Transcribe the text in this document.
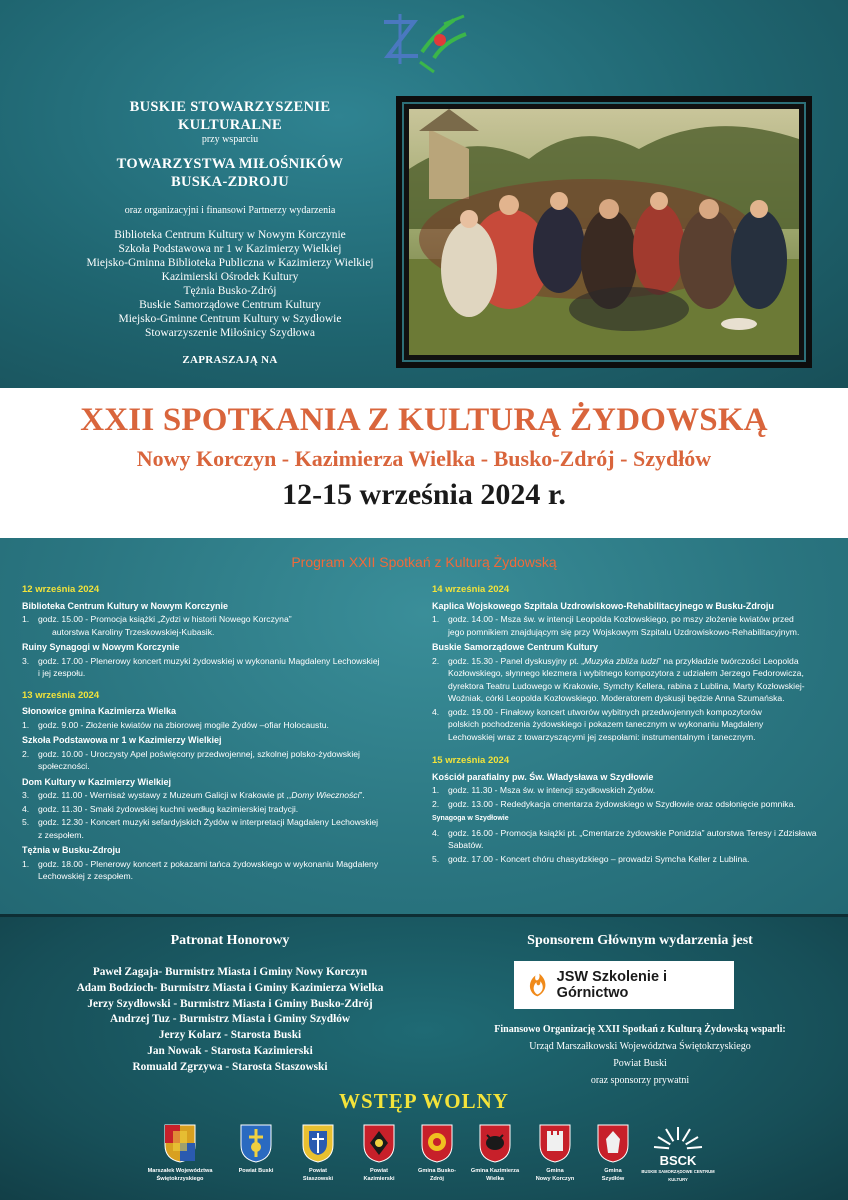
BUSKIE STOWARZYSZENIE
KULTURALNE
przy wsparciu
TOWARZYSTWA MIŁOŚNIKÓW
BUSKA-ZDROJU
oraz organizacyjni i finansowi Partnerzy wydarzenia
Biblioteka Centrum Kultury w Nowym Korczynie
Szkoła Podstawowa nr 1 w Kazimierzy Wielkiej
Miejsko-Gminna Biblioteka Publiczna w Kazimierzy Wielkiej
Kazimierski Ośrodek Kultury
Tężnia Busko-Zdrój
Buskie Samorządowe Centrum Kultury
Miejsko-Gminne Centrum Kultury w Szydłowie
Stowarzyszenie Miłośnicy Szydłowa
ZAPRASZAJĄ NA
XXII SPOTKANIA Z KULTURĄ ŻYDOWSKĄ
Nowy Korczyn - Kazimierza Wielka - Busko-Zdrój - Szydłów
12-15 września 2024 r.
Program XXII Spotkań z Kulturą Żydowską
12 września 2024
Biblioteka Centrum Kultury w Nowym Korczynie
1.	godz. 15.00 - Promocja książki „Żydzi w historii Nowego Korczyna”
autorstwa Karoliny Trzeskowskiej-Kubasik.
Ruiny Synagogi w Nowym Korczynie
3.	godz. 17.00 - Plenerowy koncert muzyki żydowskiej w wykonaniu Magdaleny Lechowskiej
i jej zespołu.
13 września 2024
Słonowice gmina Kazimierza Wielka
1.	godz. 9.00 - Złożenie kwiatów na zbiorowej mogile Żydów –ofiar Holocaustu.
Szkoła Podstawowa nr 1 w Kazimierzy Wielkiej
2.	godz. 10.00 - Uroczysty Apel poświęcony przedwojennej, szkolnej polsko-żydowskiej
społeczności.
Dom Kultury w Kazimierzy Wielkiej
3.	godz. 11.00 - Wernisaż wystawy z Muzeum Galicji w Krakowie pt ,,Domy Wieczności”.
4.	godz. 11.30 - Smaki żydowskiej kuchni według kazimierskiej tradycji.
5.	godz. 12.30 - Koncert muzyki sefardyjskich Żydów w interpretacji Magdaleny Lechowskiej
z zespołem.
Tężnia w Busku-Zdroju
1.	godz. 18.00 - Plenerowy koncert z pokazami tańca żydowskiego w wykonaniu Magdaleny
Lechowskiej z zespołem.
14 września 2024
Kaplica Wojskowego Szpitala Uzdrowiskowo-Rehabilitacyjnego w Busku-Zdroju
1.	godz. 14.00 - Msza św. w intencji Leopolda Kozłowskiego, po mszy złożenie kwiatów przed
jego pomnikiem znajdującym się przy Wojskowym Szpitalu Uzdrowiskowo-Rehabilitacyjnym.
Buskie Samorządowe Centrum Kultury
2.	godz. 15.30 - Panel dyskusyjny pt. „Muzyka zbliża ludzi” na przykładzie twórczości Leopolda
Kozłowskiego, słynnego klezmera i wybitnego kompozytora z udziałem Jerzego Fedorowicza,
dyrektora Teatru Ludowego w Krakowie, Symchy Kellera, rabina z Lublina, Marty Kozłowskiej-
Woźniak, córki Leopolda Kozłowskiego. Moderatorem dyskusji będzie Anna Szumańska.
4.	godz. 19.00 - Finałowy koncert utworów wybitnych przedwojennych kompozytorów
polskich pochodzenia żydowskiego i pokazem tanecznym w wykonaniu Magdaleny
Lechowskiej wraz z towarzyszącymi jej zespołami: instrumentalnym i tanecznym.
15 września 2024
Kościół parafialny pw. Św. Władysława w Szydłowie
1.	godz. 11.30 - Msza św. w intencji szydłowskich Żydów.
2.	godz. 13.00 - Rededykacja cmentarza żydowskiego w Szydłowie oraz odsłonięcie pomnika.
Synagoga w Szydłowie
4.	godz. 16.00 - Promocja książki pt. „Cmentarze żydowskie Ponidzia” autorstwa Teresy i Zdzisława
Sabatów.
5.	godz. 17.00 - Koncert chóru chasydzkiego – prowadzi Symcha Keller z Lublina.
Patronat Honorowy
Paweł Zagaja- Burmistrz Miasta i Gminy Nowy Korczyn
Adam Bodzioch- Burmistrz Miasta i Gminy Kazimierza Wielka
Jerzy Szydłowski - Burmistrz Miasta i Gminy Busko-Zdrój
Andrzej Tuz - Burmistrz Miasta i Gminy Szydłów
Jerzy Kolarz - Starosta Buski
Jan Nowak - Starosta Kazimierski
Romuald Zgrzywa - Starosta Staszowski
Sponsorem Głównym wydarzenia jest
JSW Szkolenie i Górnictwo
Finansowo Organizację XXII Spotkań z Kulturą Żydowską wsparli:
Urząd Marszałkowski Województwa Świętokrzyskiego
Powiat Buski
oraz sponsorzy prywatni
WSTĘP WOLNY
Marszałek Województwa
Świętokrzyskiego
Powiat Buski	Powiat
Staszowski
Powiat
Kazimierski
Gmina Busko-
Zdrój
Gmina Kazimierza
Wielka
Gmina
Nowy Korczyn
Gmina
Szydłów
BSCK
BUSKIE SAMORZĄDOWE CENTRUM KULTURY
